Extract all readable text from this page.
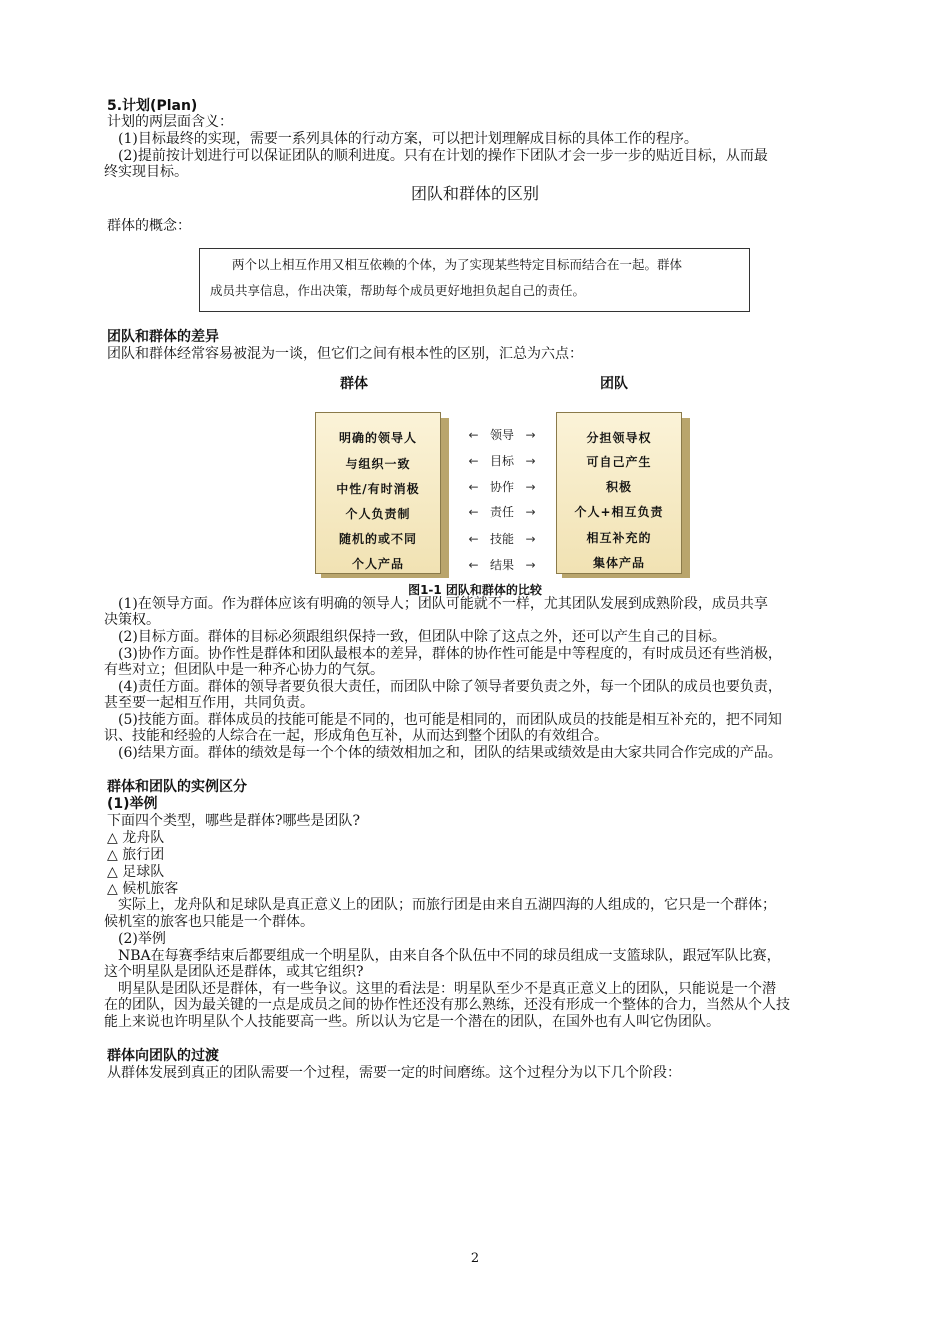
5.计划(Plan)
计划的两层面含义：
(1)目标最终的实现，需要一系列具体的行动方案，可以把计划理解成目标的具体工作的程序。
(2)提前按计划进行可以保证团队的顺利进度。只有在计划的操作下团队才会一步一步的贴近目标，从而最
终实现目标。
团队和群体的区别
群体的概念：
两个以上相互作用又相互依赖的个体，为了实现某些特定目标而结合在一起。群体
成员共享信息，作出决策，帮助每个成员更好地担负起自己的责任。
团队和群体的差异
团队和群体经常容易被混为一谈，但它们之间有根本性的区别，汇总为六点：
群体	团队
明确的领导人
与组织一致
中性/有时消极
个人负责制
随机的或不同
个人产品
分担领导权
可自己产生
积极
个人+相互负责
相互补充的
集体产品
← 领导 →
← 目标 →
← 协作 →
← 责任 →
← 技能 →
← 结果 →
图1-1 团队和群体的比较
(1)在领导方面。作为群体应该有明确的领导人；团队可能就不一样，尤其团队发展到成熟阶段，成员共享
决策权。
(2)目标方面。群体的目标必须跟组织保持一致，但团队中除了这点之外，还可以产生自己的目标。
(3)协作方面。协作性是群体和团队最根本的差异，群体的协作性可能是中等程度的，有时成员还有些消极，
有些对立；但团队中是一种齐心协力的气氛。
(4)责任方面。群体的领导者要负很大责任，而团队中除了领导者要负责之外，每一个团队的成员也要负责，
甚至要一起相互作用，共同负责。
(5)技能方面。群体成员的技能可能是不同的，也可能是相同的，而团队成员的技能是相互补充的，把不同知
识、技能和经验的人综合在一起，形成角色互补，从而达到整个团队的有效组合。
(6)结果方面。群体的绩效是每一个个体的绩效相加之和，团队的结果或绩效是由大家共同合作完成的产品。
群体和团队的实例区分
(1)举例
下面四个类型，哪些是群体?哪些是团队?
△ 龙舟队
△ 旅行团
△ 足球队
△ 候机旅客
实际上，龙舟队和足球队是真正意义上的团队；而旅行团是由来自五湖四海的人组成的，它只是一个群体；
候机室的旅客也只能是一个群体。
(2)举例
NBA在每赛季结束后都要组成一个明星队，由来自各个队伍中不同的球员组成一支篮球队，跟冠军队比赛，
这个明星队是团队还是群体，或其它组织?
明星队是团队还是群体，有一些争议。这里的看法是：明星队至少不是真正意义上的团队，只能说是一个潜
在的团队，因为最关键的一点是成员之间的协作性还没有那么熟练，还没有形成一个整体的合力，当然从个人技
能上来说也许明星队个人技能要高一些。所以认为它是一个潜在的团队，在国外也有人叫它伪团队。
群体向团队的过渡
从群体发展到真正的团队需要一个过程，需要一定的时间磨练。这个过程分为以下几个阶段：
2
